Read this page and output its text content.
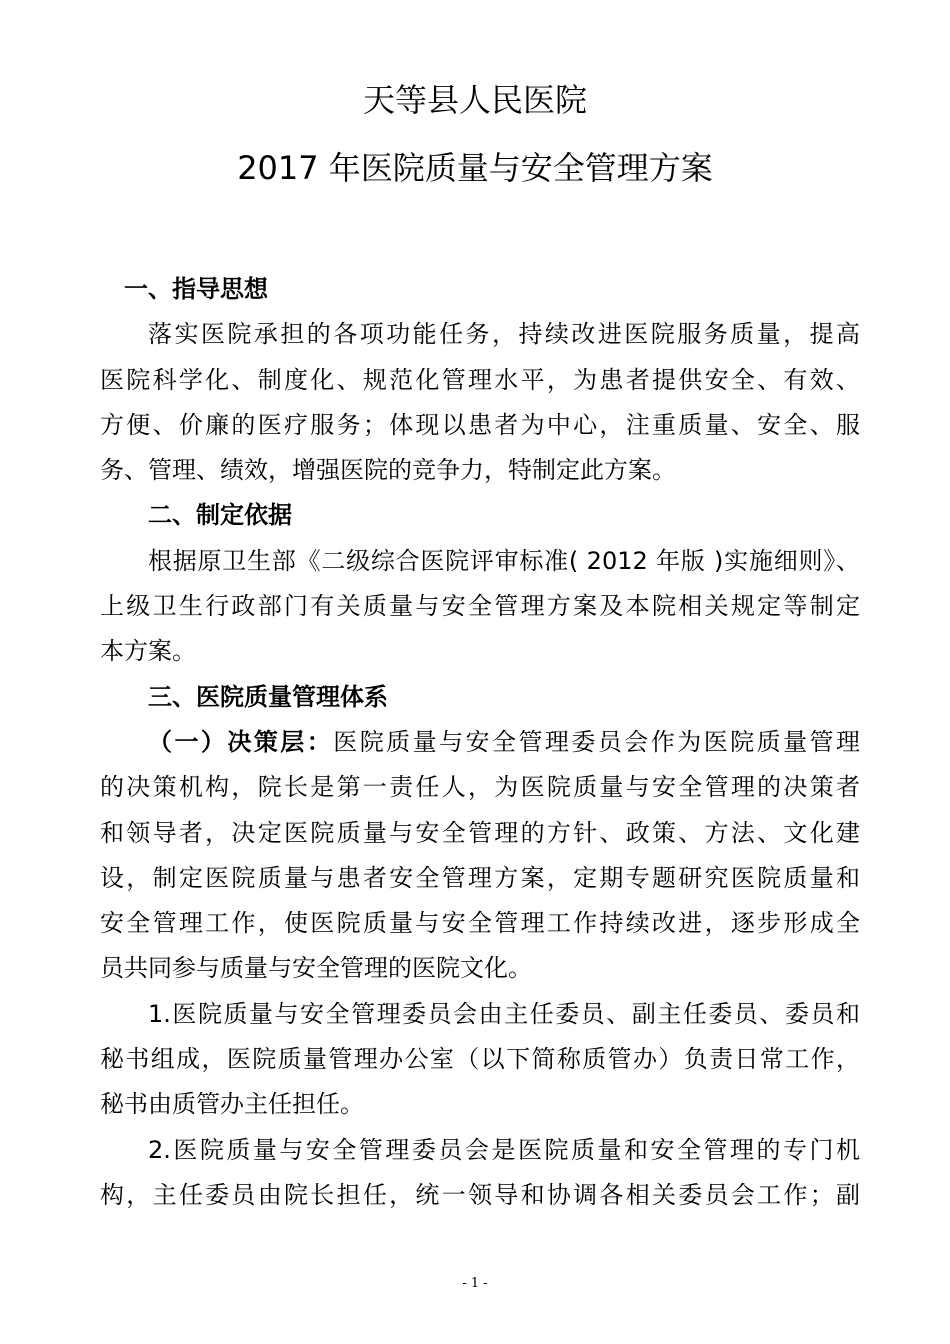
天等县人民医院
2017 年医院质量与安全管理方案
一、指导思想
落实医院承担的各项功能任务，持续改进医院服务质量，提高
医院科学化、制度化、规范化管理水平，为患者提供安全、有效、
方便、价廉的医疗服务；体现以患者为中心，注重质量、安全、服
务、管理、绩效，增强医院的竞争力，特制定此方案。
二、制定依据
根据原卫生部《二级综合医院评审标准( 2012 年版 )实施细则》、
上级卫生行政部门有关质量与安全管理方案及本院相关规定等制定
本方案。
三、医院质量管理体系
（一）决策层：医院质量与安全管理委员会作为医院质量管理
的决策机构，院长是第一责任人，为医院质量与安全管理的决策者
和领导者，决定医院质量与安全管理的方针、政策、方法、文化建
设，制定医院质量与患者安全管理方案，定期专题研究医院质量和
安全管理工作，使医院质量与安全管理工作持续改进，逐步形成全
员共同参与质量与安全管理的医院文化。
1.医院质量与安全管理委员会由主任委员、副主任委员、委员和
秘书组成，医院质量管理办公室（以下简称质管办）负责日常工作，
秘书由质管办主任担任。
2.医院质量与安全管理委员会是医院质量和安全管理的专门机
构，主任委员由院长担任，统一领导和协调各相关委员会工作；副
- 1 -
